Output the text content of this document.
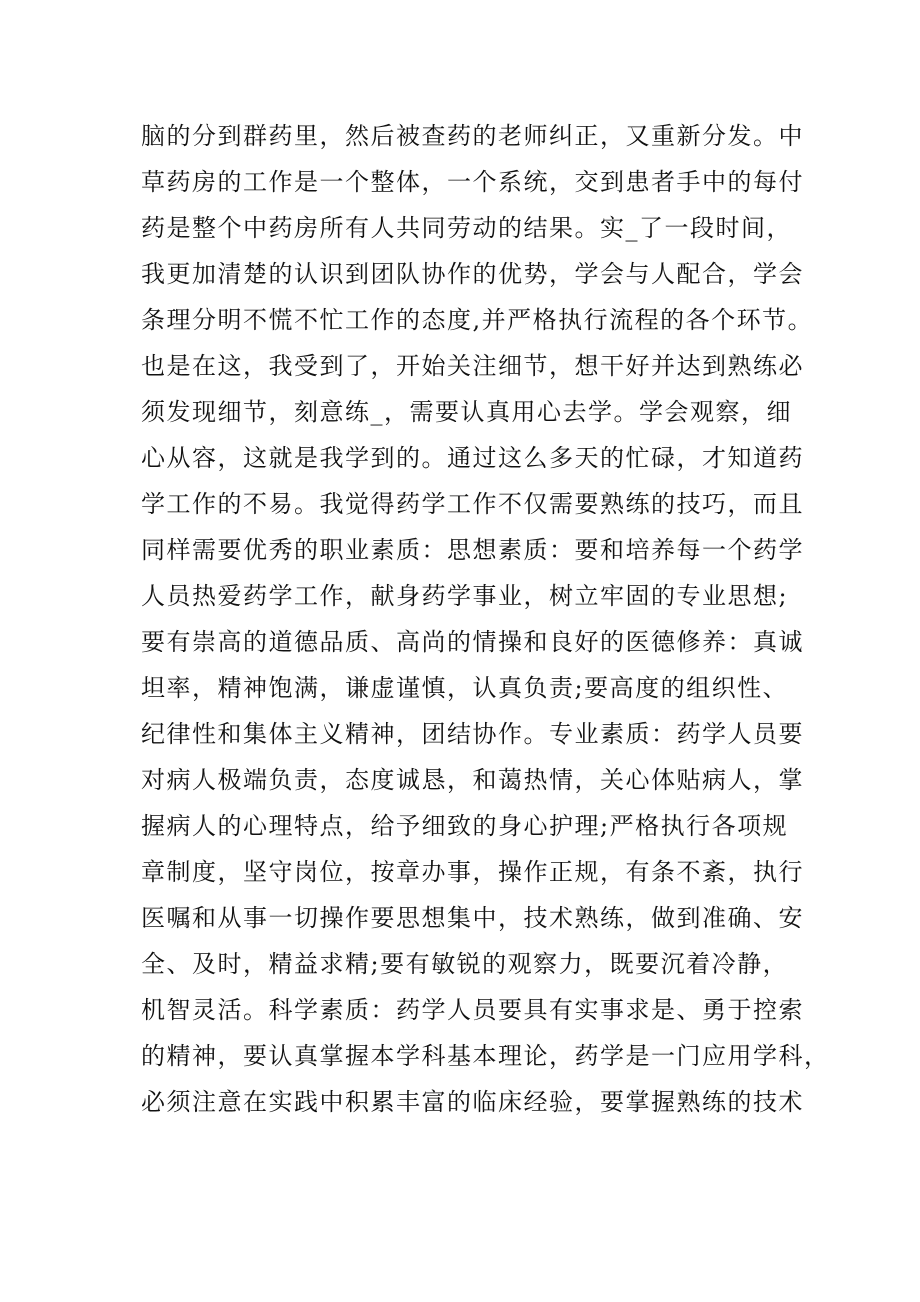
脑的分到群药里，然后被查药的老师纠正，又重新分发。中
草药房的工作是一个整体，一个系统，交到患者手中的每付
药是整个中药房所有人共同劳动的结果。实_了一段时间，
我更加清楚的认识到团队协作的优势，学会与人配合，学会
条理分明不慌不忙工作的态度,并严格执行流程的各个环节。
也是在这，我受到了，开始关注细节，想干好并达到熟练必
须发现细节，刻意练_，需要认真用心去学。学会观察，细
心从容，这就是我学到的。通过这么多天的忙碌，才知道药
学工作的不易。我觉得药学工作不仅需要熟练的技巧，而且
同样需要优秀的职业素质：思想素质：要和培养每一个药学
人员热爱药学工作，献身药学事业，树立牢固的专业思想;
要有崇高的道德品质、高尚的情操和良好的医德修养：真诚
坦率，精神饱满，谦虚谨慎，认真负责;要高度的组织性、
纪律性和集体主义精神，团结协作。专业素质：药学人员要
对病人极端负责，态度诚恳，和蔼热情，关心体贴病人，掌
握病人的心理特点，给予细致的身心护理;严格执行各项规
章制度，坚守岗位，按章办事，操作正规，有条不紊，执行
医嘱和从事一切操作要思想集中，技术熟练，做到准确、安
全、及时，精益求精;要有敏锐的观察力，既要沉着冷静，
机智灵活。科学素质：药学人员要具有实事求是、勇于控索
的精神，要认真掌握本学科基本理论，药学是一门应用学科，
必须注意在实践中积累丰富的临床经验，要掌握熟练的技术
